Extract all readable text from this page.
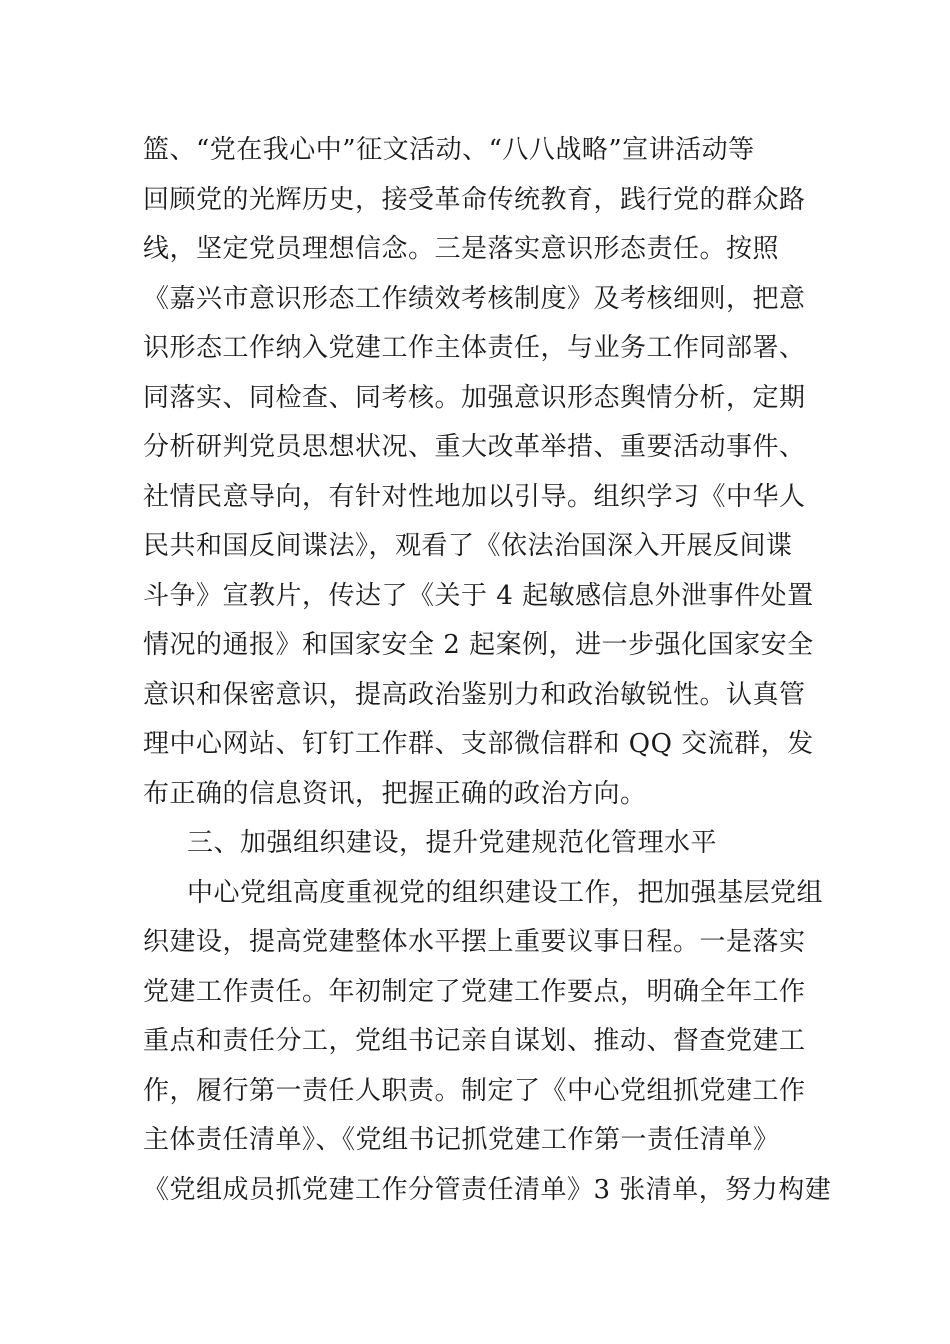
篮、“党在我心中”征文活动、“八八战略”宣讲活动等
回顾党的光辉历史，接受革命传统教育，践行党的群众路
线，坚定党员理想信念。三是落实意识形态责任。按照
《嘉兴市意识形态工作绩效考核制度》及考核细则，把意
识形态工作纳入党建工作主体责任，与业务工作同部署、
同落实、同检查、同考核。加强意识形态舆情分析，定期
分析研判党员思想状况、重大改革举措、重要活动事件、
社情民意导向，有针对性地加以引导。组织学习《中华人
民共和国反间谍法》，观看了《依法治国深入开展反间谍
斗争》宣教片，传达了《关于 4 起敏感信息外泄事件处置
情况的通报》和国家安全 2 起案例，进一步强化国家安全
意识和保密意识，提高政治鉴别力和政治敏锐性。认真管
理中心网站、钉钉工作群、支部微信群和 QQ 交流群，发
布正确的信息资讯，把握正确的政治方向。
三、加强组织建设，提升党建规范化管理水平
中心党组高度重视党的组织建设工作，把加强基层党组
织建设，提高党建整体水平摆上重要议事日程。一是落实
党建工作责任。年初制定了党建工作要点，明确全年工作
重点和责任分工，党组书记亲自谋划、推动、督查党建工
作，履行第一责任人职责。制定了《中心党组抓党建工作
主体责任清单》、《党组书记抓党建工作第一责任清单》
《党组成员抓党建工作分管责任清单》3 张清单，努力构建
